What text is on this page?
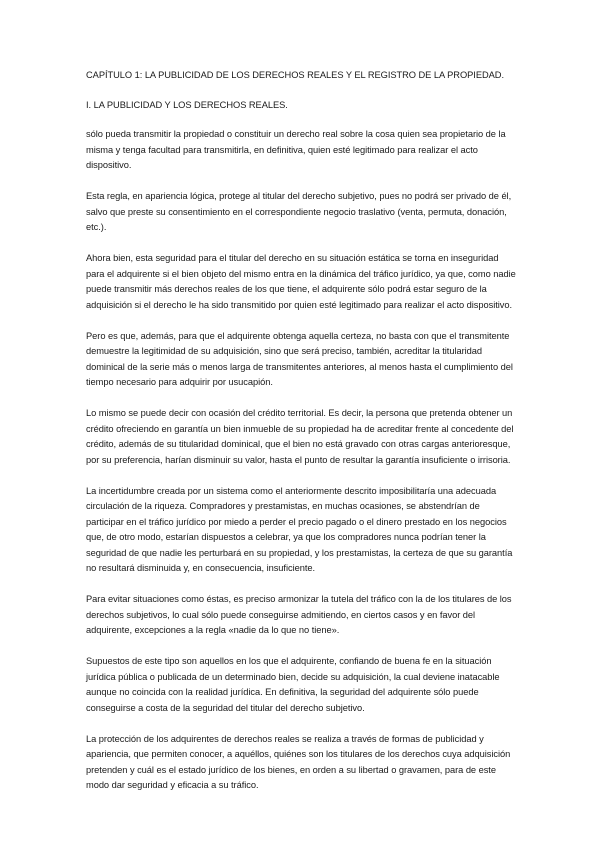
CAPÍTULO 1: LA PUBLICIDAD DE LOS DERECHOS REALES Y EL REGISTRO DE LA PROPIEDAD.

I. LA PUBLICIDAD Y LOS DERECHOS REALES.

sólo pueda transmitir la propiedad o constituir un derecho real sobre la cosa quien sea propietario de la misma y tenga facultad para transmitirla, en definitiva, quien esté legitimado para realizar el acto dispositivo.

Esta regla, en apariencia lógica, protege al titular del derecho subjetivo, pues no podrá ser privado de él, salvo que preste su consentimiento en el correspondiente negocio traslativo (venta, permuta, donación, etc.).

Ahora bien, esta seguridad para el titular del derecho en su situación estática se torna en inseguridad para el adquirente si el bien objeto del mismo entra en la dinámica del tráfico jurídico, ya que, como nadie puede transmitir más derechos reales de los que tiene, el adquirente sólo podrá estar seguro de la adquisición si el derecho le ha sido transmitido por quien esté legitimado para realizar el acto dispositivo.

Pero es que, además, para que el adquirente obtenga aquella certeza, no basta con que el transmitente demuestre la legitimidad de su adquisición, sino que será preciso, también, acreditar la titularidad dominical de la serie más o menos larga de transmitentes anteriores, al menos hasta el cumplimiento del tiempo necesario para adquirir por usucapión.

Lo mismo se puede decir con ocasión del crédito territorial. Es decir, la persona que pretenda obtener un crédito ofreciendo en garantía un bien inmueble de su propiedad ha de acreditar frente al concedente del crédito, además de su titularidad dominical, que el bien no está gravado con otras cargas anterioresque, por su preferencia, harían disminuir su valor, hasta el punto de resultar la garantía insuficiente o irrisoria.

La incertidumbre creada por un sistema como el anteriormente descrito imposibilitaría una adecuada circulación de la riqueza. Compradores y prestamistas, en muchas ocasiones, se abstendrían de participar en el tráfico jurídico por miedo a perder el precio pagado o el dinero prestado en los negocios que, de otro modo, estarían dispuestos a celebrar, ya que los compradores nunca podrían tener la seguridad de que nadie les perturbará en su propiedad, y los prestamistas, la certeza de que su garantía no resultará disminuida y, en consecuencia, insuficiente.

Para evitar situaciones como éstas, es preciso armonizar la tutela del tráfico con la de los titulares de los derechos subjetivos, lo cual sólo puede conseguirse admitiendo, en ciertos casos y en favor del adquirente, excepciones a la regla «nadie da lo que no tiene».

Supuestos de este tipo son aquellos en los que el adquirente, confiando de buena fe en la situación jurídica pública o publicada de un determinado bien, decide su adquisición, la cual deviene inatacable aunque no coincida con la realidad jurídica. En definitiva, la seguridad del adquirente sólo puede conseguirse a costa de la seguridad del titular del derecho subjetivo.

La protección de los adquirentes de derechos reales se realiza a través de formas de publicidad y apariencia, que permiten conocer, a aquéllos, quiénes son los titulares de los derechos cuya adquisición pretenden y cuál es el estado jurídico de los bienes, en orden a su libertad o gravamen, para de este modo dar seguridad y eficacia a su tráfico.
